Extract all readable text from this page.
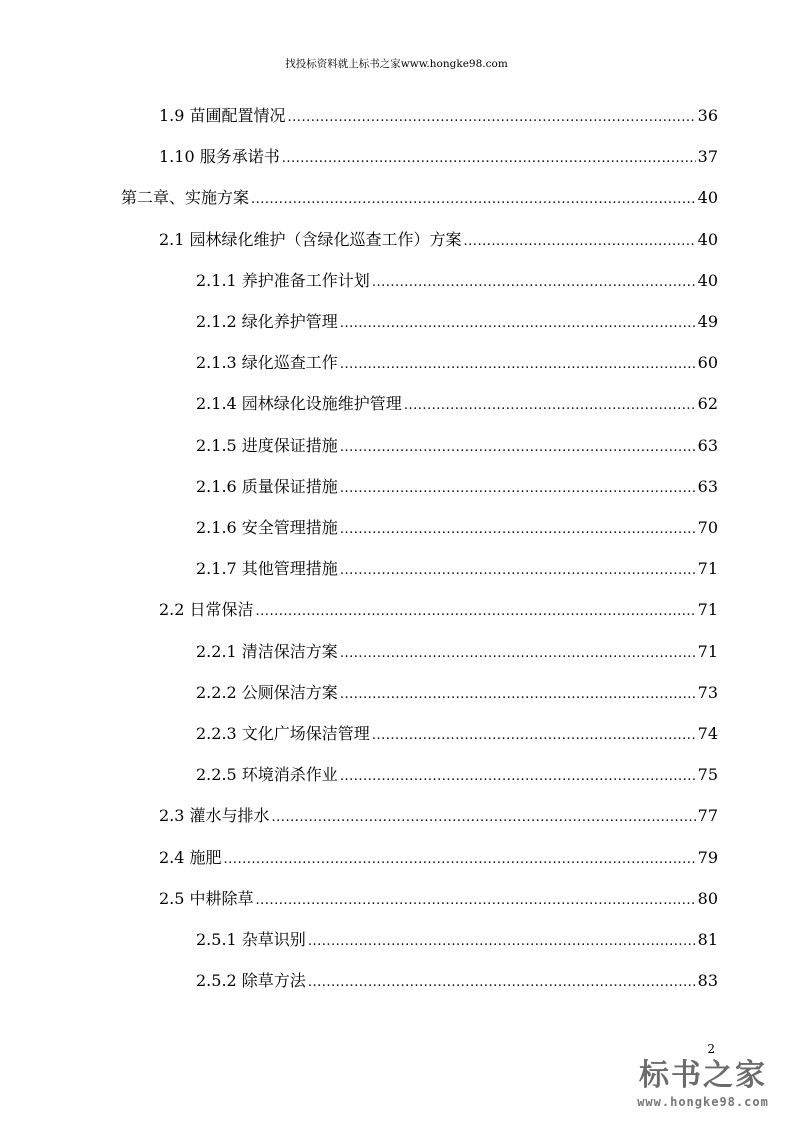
找投标资料就上标书之家www.hongke98.com
1.9 苗圃配置情况 .....	36
1.10 服务承诺书 .....	37
第二章、实施方案 .....	40
2.1 园林绿化维护（含绿化巡查工作）方案 .....	40
2.1.1 养护准备工作计划 .....	40
2.1.2 绿化养护管理 .....	49
2.1.3 绿化巡查工作 .....	60
2.1.4 园林绿化设施维护管理 .....	62
2.1.5 进度保证措施 .....	63
2.1.6 质量保证措施 .....	63
2.1.6 安全管理措施 .....	70
2.1.7 其他管理措施 .....	71
2.2 日常保洁 .....	71
2.2.1 清洁保洁方案 .....	71
2.2.2 公厕保洁方案 .....	73
2.2.3 文化广场保洁管理 .....	74
2.2.5 环境消杀作业 .....	75
2.3 灌水与排水 .....	77
2.4 施肥 .....	79
2.5 中耕除草 .....	80
2.5.1 杂草识别 .....	81
2.5.2 除草方法 .....	83
2
标书之家
www.hongke98.com
